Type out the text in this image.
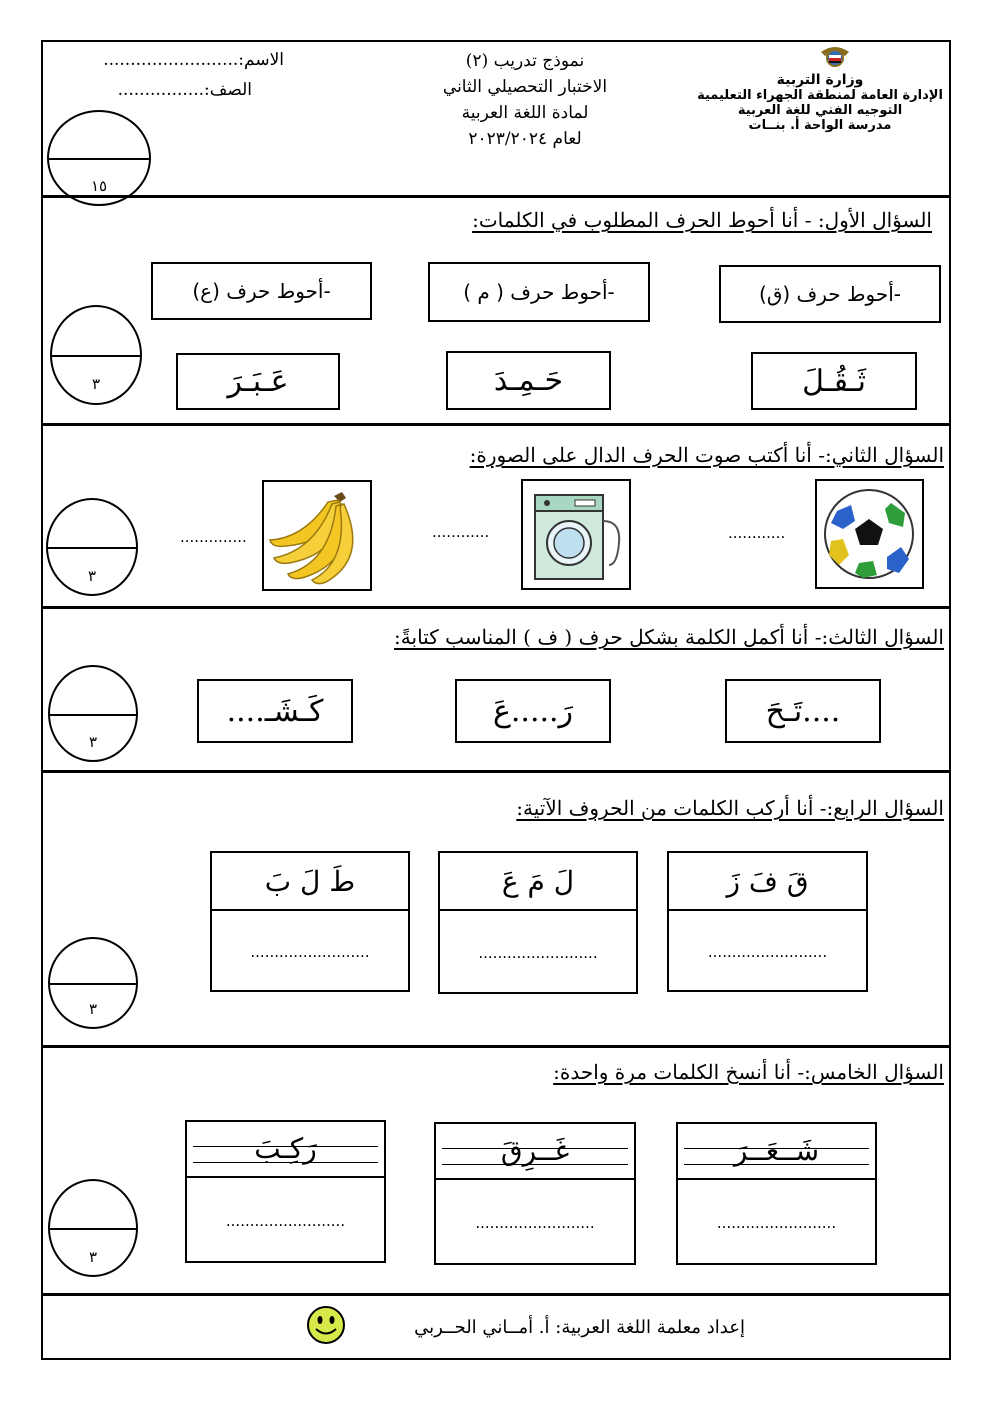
وزارة التربية
الإدارة العامة لمنطقة الجهراء التعليمية
التوجيه الفني للغة العربية
مدرسة الواحة أ. بنــات
نموذج تدريب (٢)
الاختبار التحصيلي الثاني
لمادة اللغة العربية
لعام ٢٠٢٣/٢٠٢٤
الاسم:.........................
الصف:................
١٥
السؤال الأول: - أنا أحوط الحرف المطلوب في الكلمات:
٣
-أحوط حرف (ق)
-أحوط حرف ( م )
-أحوط حرف (ع)
ثَـقُـلَ
حَـمِـدَ
عَـبَـرَ
السؤال الثاني:- أنا أكتب صوت الحرف الدال على الصورة:
٣
............
............
..............
السؤال الثالث:- أنا أكمل الكلمة بشكل حرف ( ف ) المناسب كتابةً:
٣
....تَـحَ
رَ.....عَ
كَـشَـ....
السؤال الرابع:- أنا أركب الكلمات من الحروف الآتية:
٣
قَ فَ زَ
.........................
لَ مَ عَ
.........................
طَ لَ بَ
.........................
السؤال الخامس:- أنا أنسخ الكلمات مرة واحدة:
٣
شَــعَــرَ
.........................
غَــرِقَ
.........................
رَكِـبَ
.........................
إعداد معلمة اللغة العربية: أ. أمــاني الحــربي
